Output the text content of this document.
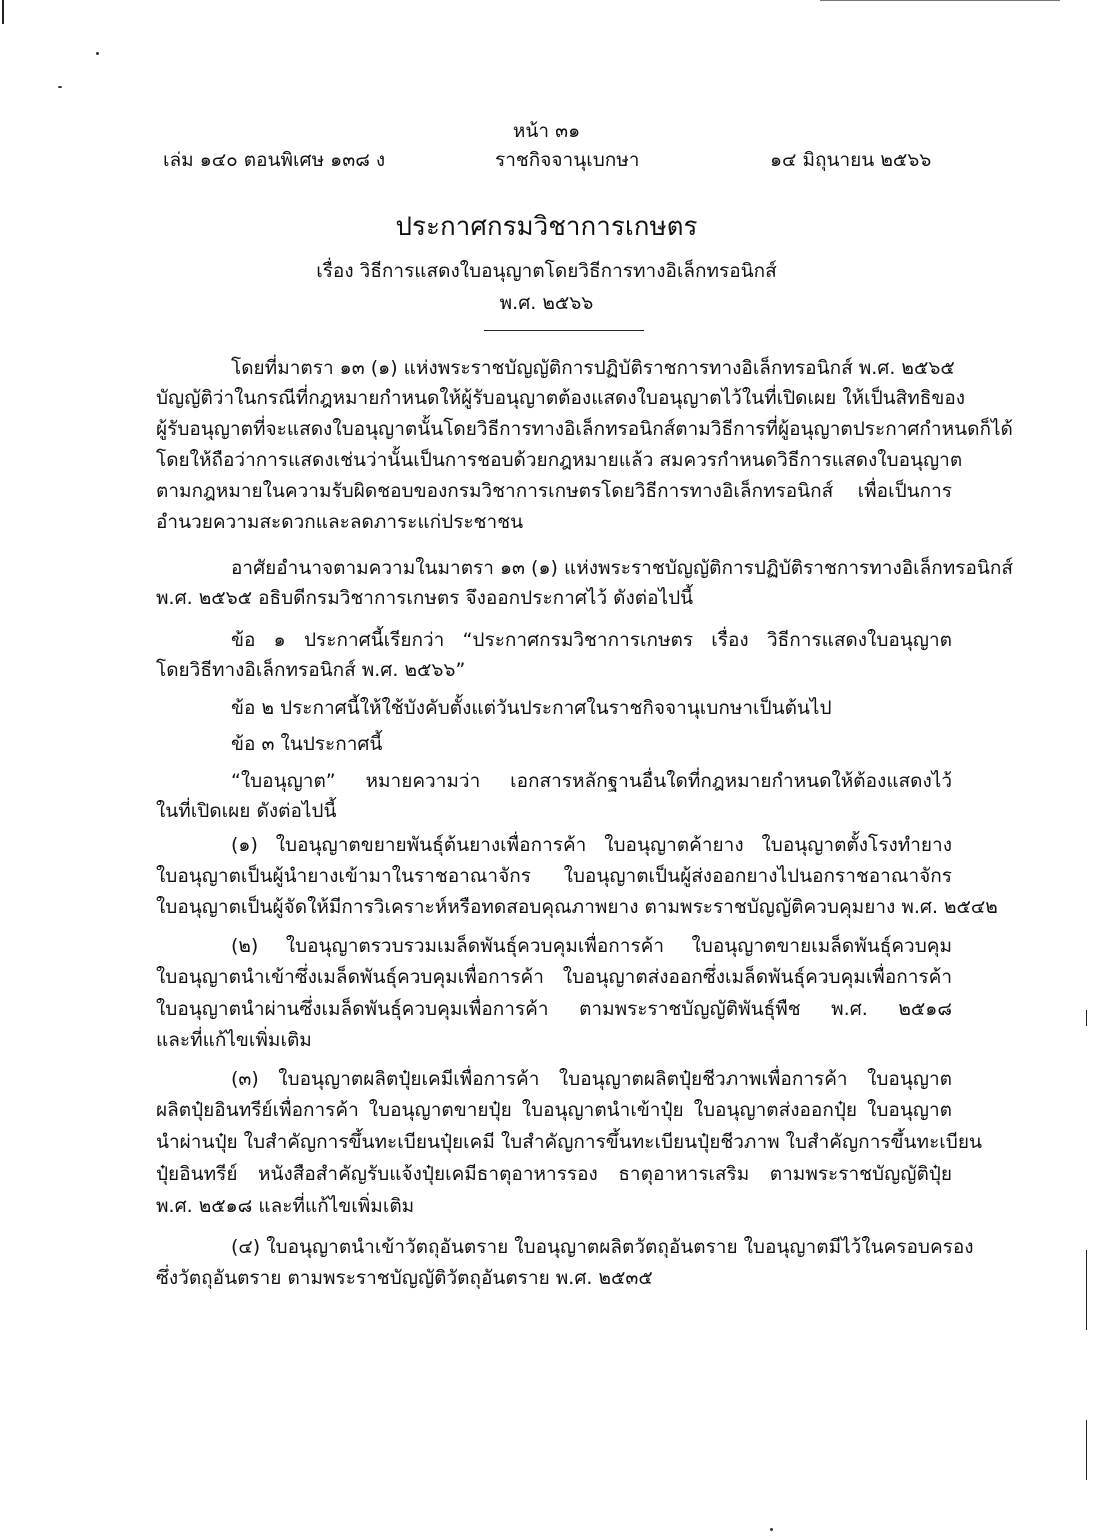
หน้า ๓๑
เล่ม ๑๔๐ ตอนพิเศษ ๑๓๘ ง	ราชกิจจานุเบกษา	๑๔ มิถุนายน ๒๕๖๖
ประกาศกรมวิชาการเกษตร
เรื่อง วิธีการแสดงใบอนุญาตโดยวิธีการทางอิเล็กทรอนิกส์
พ.ศ. ๒๕๖๖
โดยที่มาตรา ๑๓ (๑) แห่งพระราชบัญญัติการปฏิบัติราชการทางอิเล็กทรอนิกส์ พ.ศ. ๒๕๖๕
บัญญัติว่าในกรณีที่กฎหมายกำหนดให้ผู้รับอนุญาตต้องแสดงใบอนุญาตไว้ในที่เปิดเผย ให้เป็นสิทธิของ
ผู้รับอนุญาตที่จะแสดงใบอนุญาตนั้นโดยวิธีการทางอิเล็กทรอนิกส์ตามวิธีการที่ผู้อนุญาตประกาศกำหนดก็ได้
โดยให้ถือว่าการแสดงเช่นว่านั้นเป็นการชอบด้วยกฎหมายแล้ว สมควรกำหนดวิธีการแสดงใบอนุญาต
ตามกฎหมายในความรับผิดชอบของกรมวิชาการเกษตรโดยวิธีการทางอิเล็กทรอนิกส์ เพื่อเป็นการ
อำนวยความสะดวกและลดภาระแก่ประชาชน
อาศัยอำนาจตามความในมาตรา ๑๓ (๑) แห่งพระราชบัญญัติการปฏิบัติราชการทางอิเล็กทรอนิกส์
พ.ศ. ๒๕๖๕ อธิบดีกรมวิชาการเกษตร จึงออกประกาศไว้ ดังต่อไปนี้
ข้อ ๑ ประกาศนี้เรียกว่า “ประกาศกรมวิชาการเกษตร เรื่อง วิธีการแสดงใบอนุญาต
โดยวิธีทางอิเล็กทรอนิกส์ พ.ศ. ๒๕๖๖”
ข้อ ๒ ประกาศนี้ให้ใช้บังคับตั้งแต่วันประกาศในราชกิจจานุเบกษาเป็นต้นไป
ข้อ ๓ ในประกาศนี้
“ใบอนุญาต” หมายความว่า เอกสารหลักฐานอื่นใดที่กฎหมายกำหนดให้ต้องแสดงไว้
ในที่เปิดเผย ดังต่อไปนี้
(๑) ใบอนุญาตขยายพันธุ์ต้นยางเพื่อการค้า ใบอนุญาตค้ายาง ใบอนุญาตตั้งโรงทำยาง
ใบอนุญาตเป็นผู้นำยางเข้ามาในราชอาณาจักร ใบอนุญาตเป็นผู้ส่งออกยางไปนอกราชอาณาจักร
ใบอนุญาตเป็นผู้จัดให้มีการวิเคราะห์หรือทดสอบคุณภาพยาง ตามพระราชบัญญัติควบคุมยาง พ.ศ. ๒๕๔๒
(๒) ใบอนุญาตรวบรวมเมล็ดพันธุ์ควบคุมเพื่อการค้า ใบอนุญาตขายเมล็ดพันธุ์ควบคุม
ใบอนุญาตนำเข้าซึ่งเมล็ดพันธุ์ควบคุมเพื่อการค้า ใบอนุญาตส่งออกซึ่งเมล็ดพันธุ์ควบคุมเพื่อการค้า
ใบอนุญาตนำผ่านซึ่งเมล็ดพันธุ์ควบคุมเพื่อการค้า ตามพระราชบัญญัติพันธุ์พืช พ.ศ. ๒๕๑๘
และที่แก้ไขเพิ่มเติม
(๓) ใบอนุญาตผลิตปุ๋ยเคมีเพื่อการค้า ใบอนุญาตผลิตปุ๋ยชีวภาพเพื่อการค้า ใบอนุญาต
ผลิตปุ๋ยอินทรีย์เพื่อการค้า ใบอนุญาตขายปุ๋ย ใบอนุญาตนำเข้าปุ๋ย ใบอนุญาตส่งออกปุ๋ย ใบอนุญาต
นำผ่านปุ๋ย ใบสำคัญการขึ้นทะเบียนปุ๋ยเคมี ใบสำคัญการขึ้นทะเบียนปุ๋ยชีวภาพ ใบสำคัญการขึ้นทะเบียน
ปุ๋ยอินทรีย์ หนังสือสำคัญรับแจ้งปุ๋ยเคมีธาตุอาหารรอง ธาตุอาหารเสริม ตามพระราชบัญญัติปุ๋ย
พ.ศ. ๒๕๑๘ และที่แก้ไขเพิ่มเติม
(๔) ใบอนุญาตนำเข้าวัตถุอันตราย ใบอนุญาตผลิตวัตถุอันตราย ใบอนุญาตมีไว้ในครอบครอง
ซึ่งวัตถุอันตราย ตามพระราชบัญญัติวัตถุอันตราย พ.ศ. ๒๕๓๕
